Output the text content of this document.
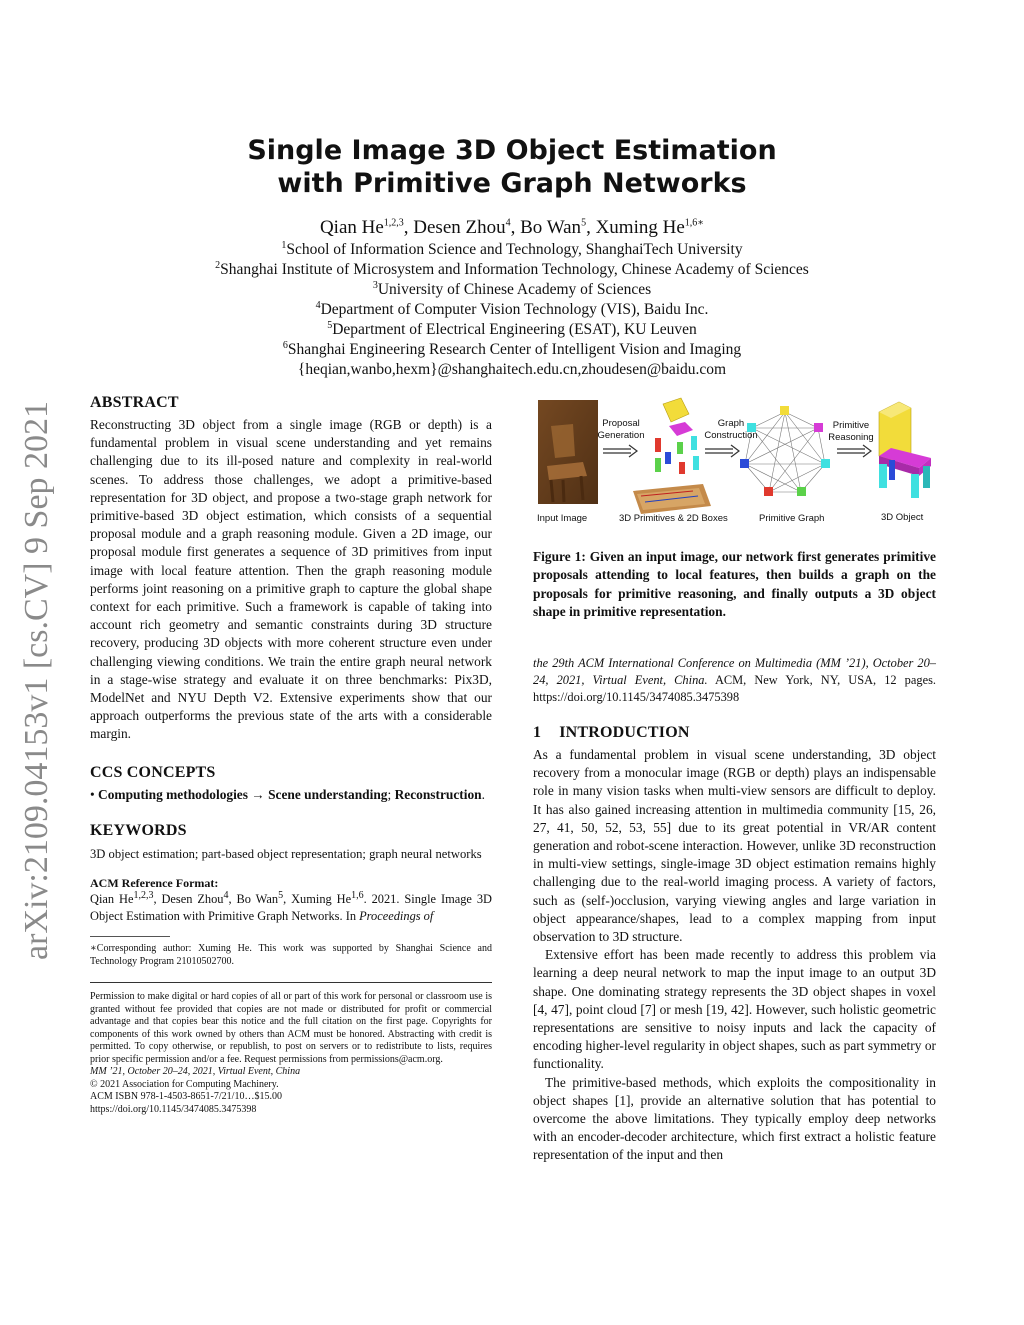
arXiv:2109.04153v1 [cs.CV] 9 Sep 2021
Single Image 3D Object Estimation
with Primitive Graph Networks
Qian He$^{1,2,3}$, Desen Zhou$^4$, Bo Wan$^5$, Xuming $He^{1,6∗}$
$^1$School of Information Science and Technology, ShanghaiTech University
$^2$Shanghai Institute of Microsystem and Information Technology, Chinese Academy of Sciences
$^3$University of Chinese Academy of Sciences
$^4$Department of Computer Vision Technology (VIS), Baidu Inc.
$^5$Department of Electrical Engineering (ESAT), KU Leuven
$^6$Shanghai Engineering Research Center of Intelligent Vision and Imaging
{heqian,wanbo,hexm}@shanghaitech.edu.cn,zhoudesen@baidu.com
ABSTRACT

Reconstructing 3D object from a single image (RGB or depth) is a fundamental problem in visual scene understanding and yet remains challenging due to its ill-posed nature and complexity in real-world scenes. To address those challenges, we adopt a primitive-based representation for 3D object, and propose a two-stage graph network for primitive-based 3D object estimation, which consists of a sequential proposal module and a graph reasoning module. Given a 2D image, our proposal module first generates a sequence of 3D primitives from input image with local feature attention. Then the graph reasoning module performs joint reasoning on a primitive graph to capture the global shape context for each primitive. Such a framework is capable of taking into account rich geometry and semantic constraints during 3D structure recovery, producing 3D objects with more coherent structure even under challenging viewing conditions. We train the entire graph neural network in a stage-wise strategy and evaluate it on three benchmarks: Pix3D, ModelNet and NYU Depth V2. Extensive experiments show that our approach outperforms the previous state of the arts with a considerable margin.

CCS CONCEPTS

• Computing methodologies → Scene understanding; Reconstruction.

KEYWORDS

3D object estimation; part-based object representation; graph neural networks

ACM Reference Format:

Qian He$^{1,2,3}$, Desen Zhou$^4$, Bo Wan$^5$, Xuming He$^{1,6}$. 2021. Single Image 3D Object Estimation with Primitive Graph Networks. In Proceedings of

∗Corresponding author: Xuming He. This work was supported by Shanghai Science and Technology Program 21010502700.

Permission to make digital or hard copies of all or part of this work for personal or classroom use is granted without fee provided that copies are not made or distributed for profit or commercial advantage and that copies bear this notice and the full citation on the first page. Copyrights for components of this work owned by others than ACM must be honored. Abstracting with credit is permitted. To copy otherwise, or republish, to post on servers or to redistribute to lists, requires prior specific permission and/or a fee. Request permissions from permissions@acm.org.

MM ’21, October 20–24, 2021, Virtual Event, China

© 2021 Association for Computing Machinery.

ACM ISBN 978-1-4503-8651-7/21/10…$15.00

https://doi.org/10.1145/3474085.3475398

Proposal Generation
Graph Construction
Primitive Reasoning
Input Image	3D Primitives & 2D Boxes	Primitive Graph	3D Object

Figure 1: Given an input image, our network first generates primitive proposals attending to local features, then builds a graph on the proposals for primitive reasoning, and finally outputs a 3D object shape in primitive representation.

the 29th ACM International Conference on Multimedia (MM ’21), October 20–24, 2021, Virtual Event, China. ACM, New York, NY, USA, 12 pages. https://doi.org/10.1145/3474085.3475398

1 INTRODUCTION

As a fundamental problem in visual scene understanding, 3D object recovery from a monocular image (RGB or depth) plays an indispensable role in many vision tasks when multi-view sensors are difficult to deploy. It has also gained increasing attention in multimedia community [15, 26, 27, 41, 50, 52, 53, 55] due to its great potential in VR/AR content generation and robot-scene interaction. However, unlike 3D reconstruction in multi-view settings, single-image 3D object estimation remains highly challenging due to the real-world imaging process. A variety of factors, such as (self-)occlusion, varying viewing angles and large variation in object appearance/shapes, lead to a complex mapping from input observation to 3D structure.

Extensive effort has been made recently to address this problem via learning a deep neural network to map the input image to an output 3D shape. One dominating strategy represents the 3D object shapes in voxel [4, 47], point cloud [7] or mesh [19, 42]. However, such holistic geometric representations are sensitive to noisy inputs and lack the capacity of encoding higher-level regularity in object shapes, such as part symmetry or functionality.

The primitive-based methods, which exploits the compositionality in object shapes [1], provide an alternative solution that has potential to overcome the above limitations. They typically employ deep networks with an encoder-decoder architecture, which first extract a holistic feature representation of the input and then
